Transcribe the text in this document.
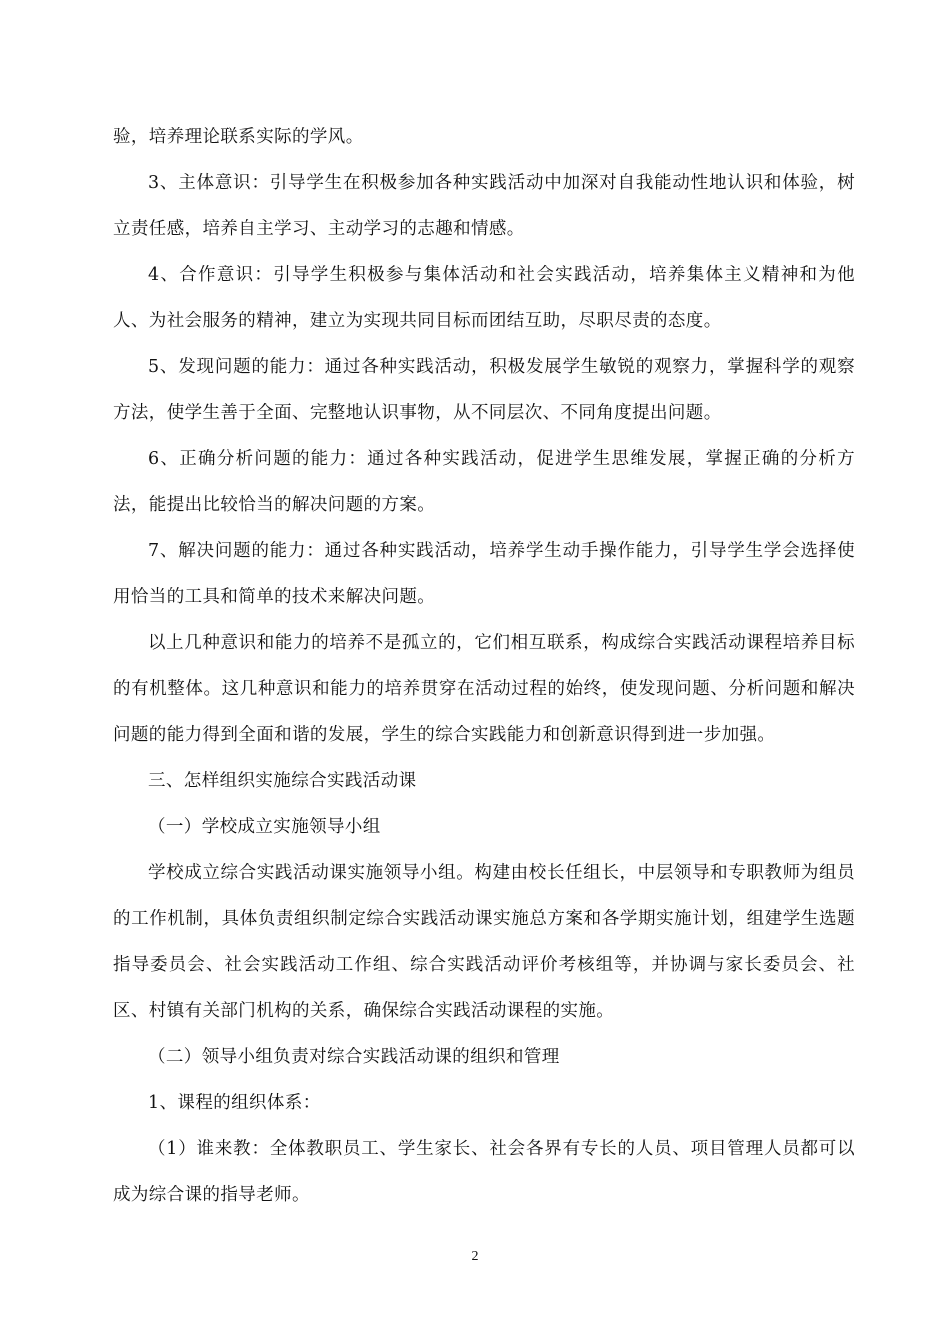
验，培养理论联系实际的学风。

3、主体意识：引导学生在积极参加各种实践活动中加深对自我能动性地认识和体验，树立责任感，培养自主学习、主动学习的志趣和情感。

4、合作意识：引导学生积极参与集体活动和社会实践活动，培养集体主义精神和为他人、为社会服务的精神，建立为实现共同目标而团结互助，尽职尽责的态度。

5、发现问题的能力：通过各种实践活动，积极发展学生敏锐的观察力，掌握科学的观察方法，使学生善于全面、完整地认识事物，从不同层次、不同角度提出问题。

6、正确分析问题的能力：通过各种实践活动，促进学生思维发展，掌握正确的分析方法，能提出比较恰当的解决问题的方案。

7、解决问题的能力：通过各种实践活动，培养学生动手操作能力，引导学生学会选择使用恰当的工具和简单的技术来解决问题。

以上几种意识和能力的培养不是孤立的，它们相互联系，构成综合实践活动课程培养目标的有机整体。这几种意识和能力的培养贯穿在活动过程的始终，使发现问题、分析问题和解决问题的能力得到全面和谐的发展，学生的综合实践能力和创新意识得到进一步加强。

三、怎样组织实施综合实践活动课

（一）学校成立实施领导小组

学校成立综合实践活动课实施领导小组。构建由校长任组长，中层领导和专职教师为组员的工作机制，具体负责组织制定综合实践活动课实施总方案和各学期实施计划，组建学生选题指导委员会、社会实践活动工作组、综合实践活动评价考核组等，并协调与家长委员会、社区、村镇有关部门机构的关系，确保综合实践活动课程的实施。

（二）领导小组负责对综合实践活动课的组织和管理

1、课程的组织体系：

（1）谁来教：全体教职员工、学生家长、社会各界有专长的人员、项目管理人员都可以成为综合课的指导老师。

2
